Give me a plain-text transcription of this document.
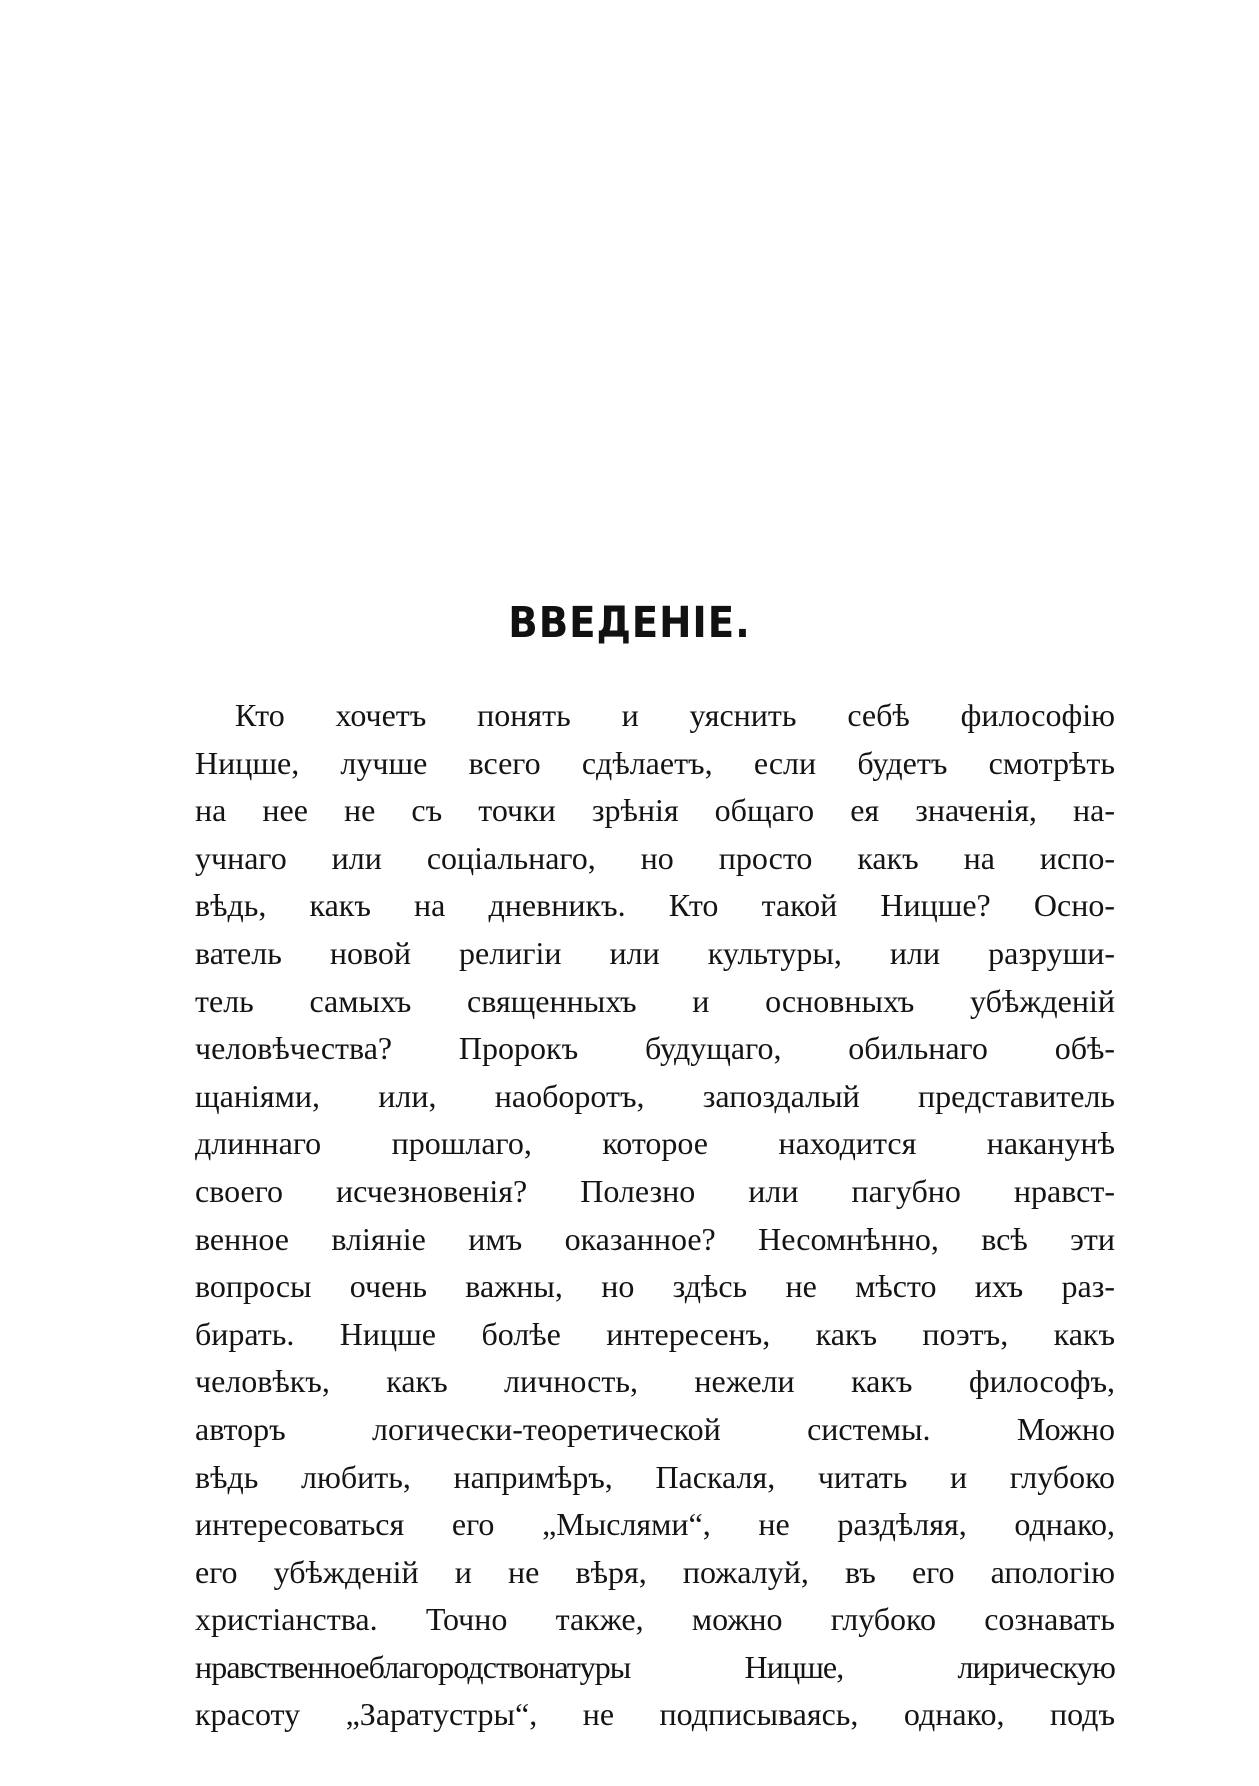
ВВЕДЕНІЕ.
Кто хочетъ понять и уяснить себѣ философію
Ницше, лучше всего сдѣлаетъ, если будетъ смотрѣть
на нее не съ точки зрѣнія общаго ея значенія, на-
учнаго или соціальнаго, но просто какъ на испо-
вѣдь, какъ на дневникъ. Кто такой Ницше? Осно-
ватель новой религіи или культуры, или разруши-
тель самыхъ священныхъ и основныхъ убѣжденій
человѣчества? Пророкъ будущаго, обильнаго обѣ-
щаніями, или, наоборотъ, запоздалый представитель
длиннаго прошлаго, которое находится наканунѣ
своего исчезновенія? Полезно или пагубно нравст-
венное вліяніе имъ оказанное? Несомнѣнно, всѣ эти
вопросы очень важны, но здѣсь не мѣсто ихъ раз-
бирать. Ницше болѣе интересенъ, какъ поэтъ, какъ
человѣкъ, какъ личность, нежели какъ философъ,
авторъ логически-теоретической системы. Можно
вѣдь любить, напримѣръ, Паскаля, читать и глубоко
интересоваться его „Мыслями“, не раздѣляя, однако,
его убѣжденій и не вѣря, пожалуй, въ его апологію
христіанства. Точно также, можно глубоко сознавать
нравственноеблагородствонатуры Ницше, лирическую
красоту „Заратустры“, не подписываясь, однако, подъ
